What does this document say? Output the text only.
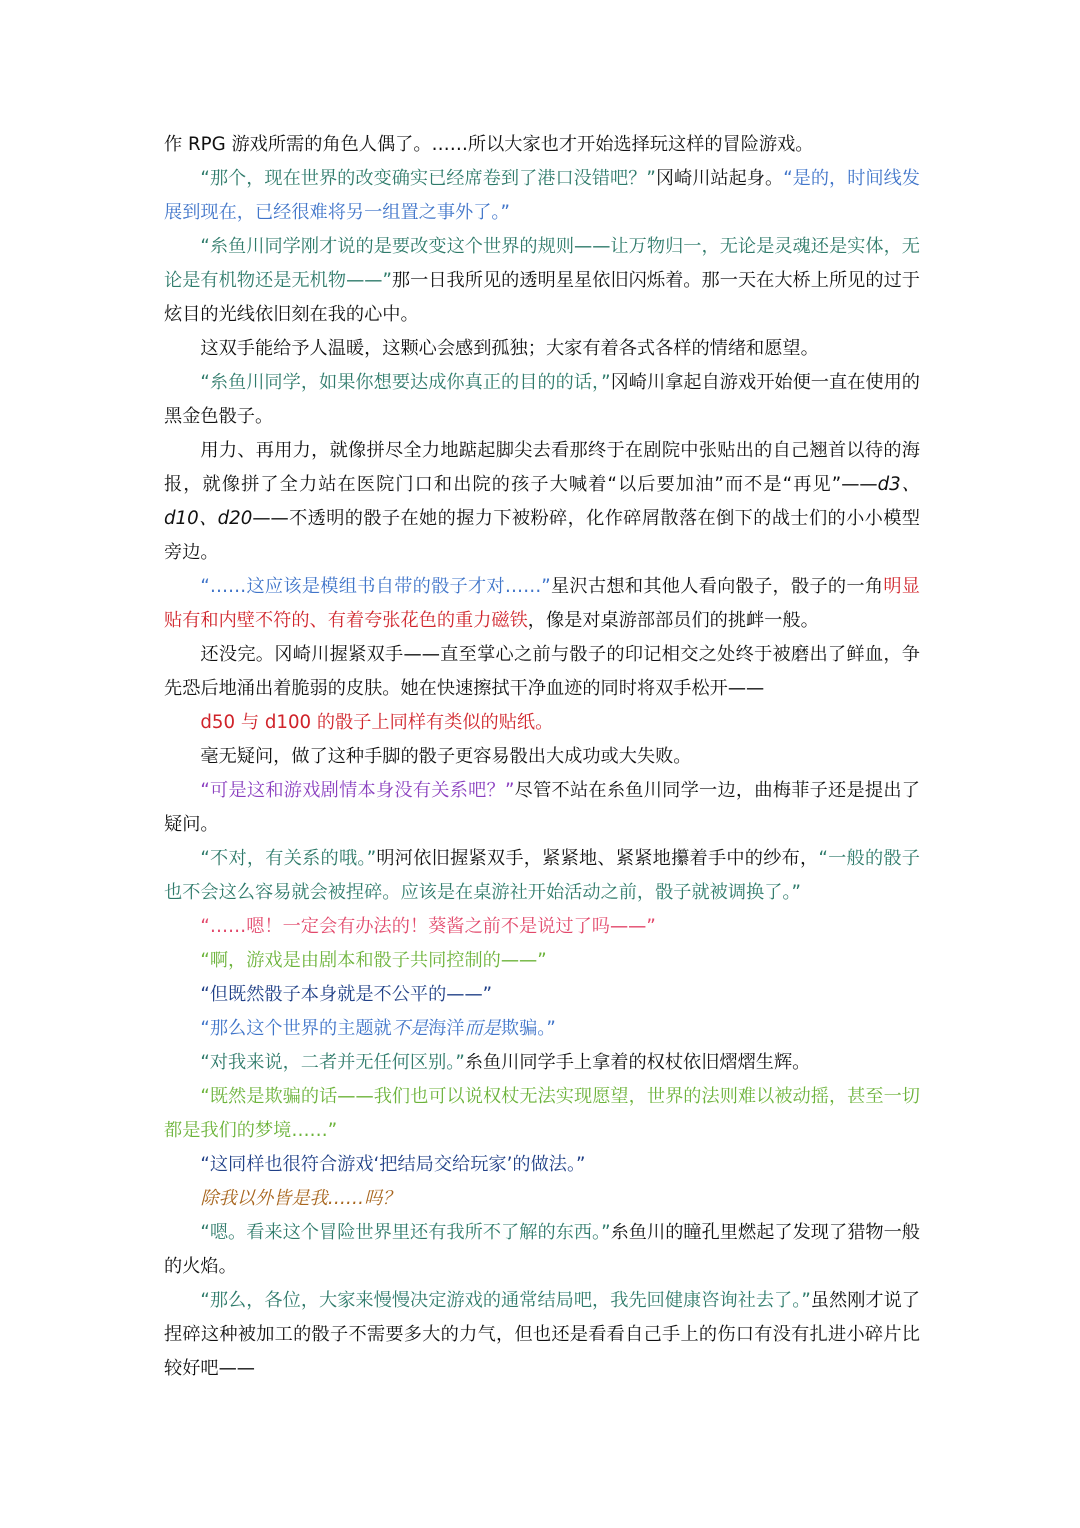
作 RPG 游戏所需的角色人偶了。……所以大家也才开始选择玩这样的冒险游戏。

“那个，现在世界的改变确实已经席卷到了港口没错吧？”冈崎川站起身。“是的，时间线发展到现在，已经很难将另一组置之事外了。”

“糸鱼川同学刚才说的是要改变这个世界的规则——让万物归一，无论是灵魂还是实体，无论是有机物还是无机物——”那一日我所见的透明星星依旧闪烁着。那一天在大桥上所见的过于炫目的光线依旧刻在我的心中。

这双手能给予人温暖，这颗心会感到孤独；大家有着各式各样的情绪和愿望。

“糸鱼川同学，如果你想要达成你真正的目的的话，”冈崎川拿起自游戏开始便一直在使用的黑金色骰子。

用力、再用力，就像拼尽全力地踮起脚尖去看那终于在剧院中张贴出的自己翘首以待的海报，就像拼了全力站在医院门口和出院的孩子大喊着“以后要加油”而不是“再见”——d3、d10、d20——不透明的骰子在她的握力下被粉碎，化作碎屑散落在倒下的战士们的小小模型旁边。

“……这应该是模组书自带的骰子才对……”星沢古想和其他人看向骰子，骰子的一角明显贴有和内壁不符的、有着夸张花色的重力磁铁，像是对桌游部部员们的挑衅一般。

还没完。冈崎川握紧双手——直至掌心之前与骰子的印记相交之处终于被磨出了鲜血，争先恐后地涌出着脆弱的皮肤。她在快速擦拭干净血迹的同时将双手松开——

d50 与 d100 的骰子上同样有类似的贴纸。

毫无疑问，做了这种手脚的骰子更容易骰出大成功或大失败。

“可是这和游戏剧情本身没有关系吧？”尽管不站在糸鱼川同学一边，曲梅菲子还是提出了疑问。

“不对，有关系的哦。”明河依旧握紧双手，紧紧地、紧紧地攥着手中的纱布，“一般的骰子也不会这么容易就会被捏碎。应该是在桌游社开始活动之前，骰子就被调换了。”

“……嗯！一定会有办法的！葵酱之前不是说过了吗——”

“啊，游戏是由剧本和骰子共同控制的——”

“但既然骰子本身就是不公平的——”

“那么这个世界的主题就不是海洋而是欺骗。”

“对我来说，二者并无任何区别。”糸鱼川同学手上拿着的权杖依旧熠熠生辉。

“既然是欺骗的话——我们也可以说权杖无法实现愿望，世界的法则难以被动摇，甚至一切都是我们的梦境……”

“这同样也很符合游戏‘把结局交给玩家’的做法。”

除我以外皆是我……吗？

“嗯。看来这个冒险世界里还有我所不了解的东西。”糸鱼川的瞳孔里燃起了发现了猎物一般的火焰。

“那么，各位，大家来慢慢决定游戏的通常结局吧，我先回健康咨询社去了。”虽然刚才说了捏碎这种被加工的骰子不需要多大的力气，但也还是看看自己手上的伤口有没有扎进小碎片比较好吧——
